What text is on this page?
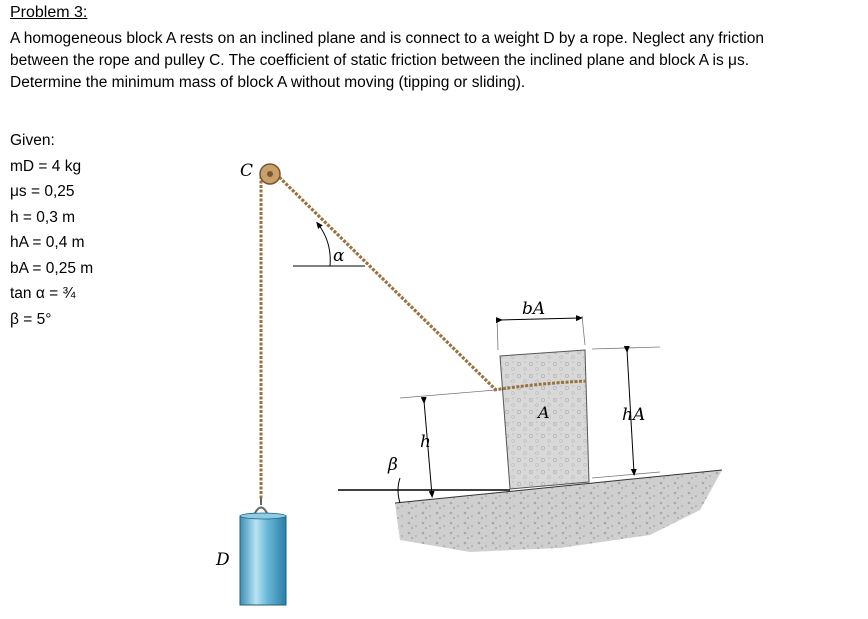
Problem 3:

A homogeneous block A rests on an inclined plane and is connect to a weight D by a rope. Neglect any friction

between the rope and pulley C. The coefficient of static friction between the inclined plane and block A is μs.

Determine the minimum mass of block A without moving (tipping or sliding).

Given:
mD = 4 kg
μs = 0,25
h = 0,3 m
hA = 0,4 m
bA = 0,25 m
tan α = ¾
β = 5°
C
D
A
α
β
h
hA
bA
